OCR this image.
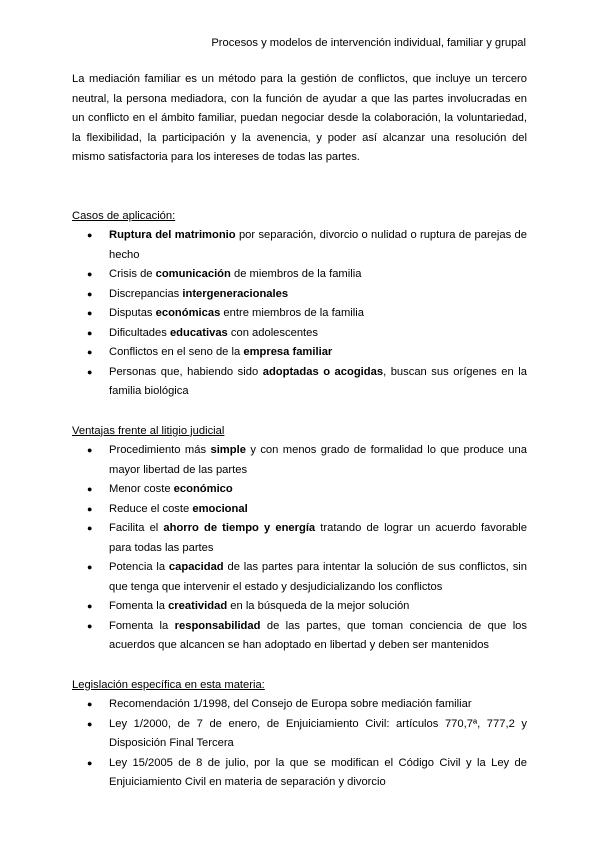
Procesos y modelos de intervención individual, familiar y grupal

La mediación familiar es un método para la gestión de conflictos, que incluye un tercero neutral, la persona mediadora, con la función de ayudar a que las partes involucradas en un conflicto en el ámbito familiar, puedan negociar desde la colaboración, la voluntariedad, la flexibilidad, la participación y la avenencia, y poder así alcanzar una resolución del mismo satisfactoria para los intereses de todas las partes.

Casos de aplicación:

● Ruptura del matrimonio por separación, divorcio o nulidad o ruptura de parejas de hecho
● Crisis de comunicación de miembros de la familia
● Discrepancias intergeneracionales
● Disputas económicas entre miembros de la familia
● Dificultades educativas con adolescentes
● Conflictos en el seno de la empresa familiar
● Personas que, habiendo sido adoptadas o acogidas, buscan sus orígenes en la familia biológica

Ventajas frente al litigio judicial

● Procedimiento más simple y con menos grado de formalidad lo que produce una mayor libertad de las partes
● Menor coste económico
● Reduce el coste emocional
● Facilita el ahorro de tiempo y energía tratando de lograr un acuerdo favorable para todas las partes
● Potencia la capacidad de las partes para intentar la solución de sus conflictos, sin que tenga que intervenir el estado y desjudicializando los conflictos
● Fomenta la creatividad en la búsqueda de la mejor solución
● Fomenta la responsabilidad de las partes, que toman conciencia de que los acuerdos que alcancen se han adoptado en libertad y deben ser mantenidos

Legislación específica en esta materia:

● Recomendación 1/1998, del Consejo de Europa sobre mediación familiar
● Ley 1/2000, de 7 de enero, de Enjuiciamiento Civil: artículos 770,7ª, 777,2 y Disposición Final Tercera
● Ley 15/2005 de 8 de julio, por la que se modifican el Código Civil y la Ley de Enjuiciamiento Civil en materia de separación y divorcio
